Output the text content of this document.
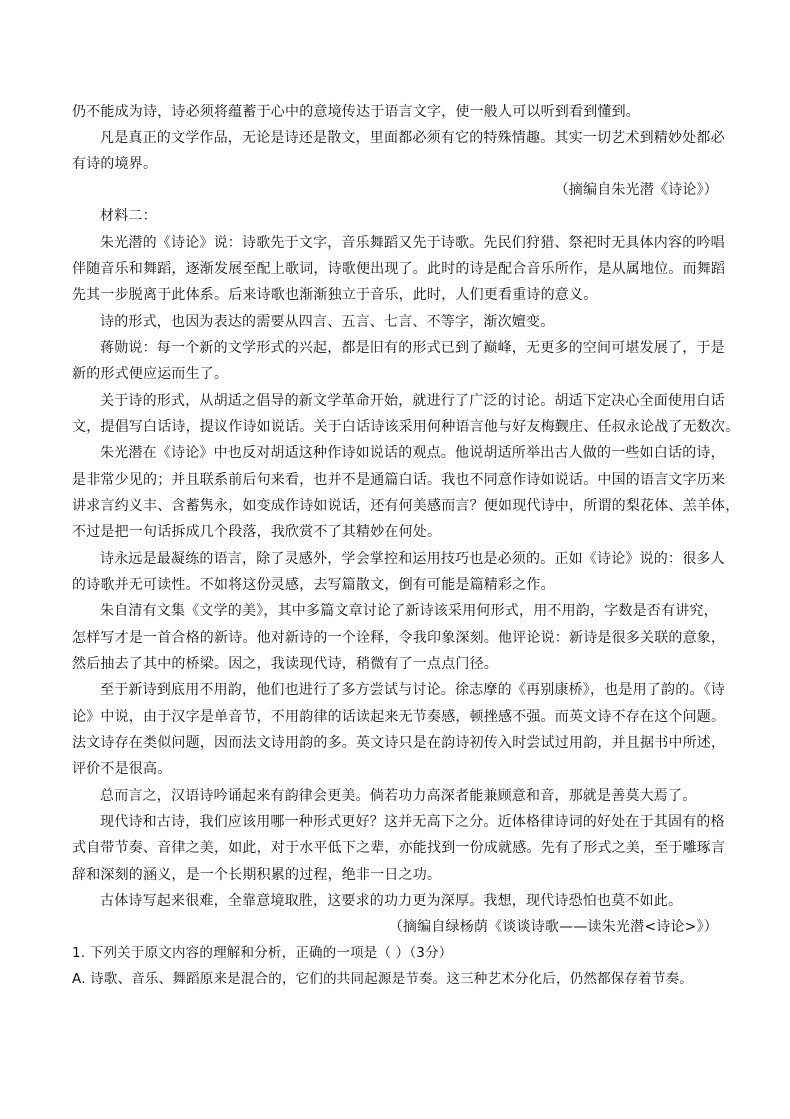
仍不能成为诗，诗必须将蕴蓄于心中的意境传达于语言文字，使一般人可以听到看到懂到。
凡是真正的文学作品，无论是诗还是散文，里面都必须有它的特殊情趣。其实一切艺术到精妙处都必
有诗的境界。
（摘编自朱光潜《诗论》）
材料二：
朱光潜的《诗论》说：诗歌先于文字，音乐舞蹈又先于诗歌。先民们狩猎、祭祀时无具体内容的吟唱
伴随音乐和舞蹈，逐渐发展至配上歌词，诗歌便出现了。此时的诗是配合音乐所作，是从属地位。而舞蹈
先其一步脱离于此体系。后来诗歌也渐渐独立于音乐，此时，人们更看重诗的意义。
诗的形式，也因为表达的需要从四言、五言、七言、不等字，渐次嬗变。
蒋勋说：每一个新的文学形式的兴起，都是旧有的形式已到了巅峰，无更多的空间可堪发展了，于是
新的形式便应运而生了。
关于诗的形式，从胡适之倡导的新文学革命开始，就进行了广泛的讨论。胡适下定决心全面使用白话
文，提倡写白话诗，提议作诗如说话。关于白话诗该采用何种语言他与好友梅觐庄、任叔永论战了无数次。
朱光潜在《诗论》中也反对胡适这种作诗如说话的观点。他说胡适所举出古人做的一些如白话的诗，
是非常少见的；并且联系前后句来看，也并不是通篇白话。我也不同意作诗如说话。中国的语言文字历来
讲求言约义丰、含蓄隽永，如变成作诗如说话，还有何美感而言？便如现代诗中，所谓的梨花体、羔羊体，
不过是把一句话拆成几个段落，我欣赏不了其精妙在何处。
诗永远是最凝练的语言，除了灵感外，学会掌控和运用技巧也是必须的。正如《诗论》说的：很多人
的诗歌并无可读性。不如将这份灵感，去写篇散文，倒有可能是篇精彩之作。
朱自清有文集《文学的美》，其中多篇文章讨论了新诗该采用何形式，用不用韵，字数是否有讲究，
怎样写才是一首合格的新诗。他对新诗的一个诠释，令我印象深刻。他评论说：新诗是很多关联的意象，
然后抽去了其中的桥梁。因之，我读现代诗，稍微有了一点点门径。
至于新诗到底用不用韵，他们也进行了多方尝试与讨论。徐志摩的《再别康桥》，也是用了韵的。《诗
论》中说，由于汉字是单音节，不用韵律的话读起来无节奏感，顿挫感不强。而英文诗不存在这个问题。
法文诗存在类似问题，因而法文诗用韵的多。英文诗只是在韵诗初传入时尝试过用韵，并且据书中所述，
评价不是很高。
总而言之，汉语诗吟诵起来有韵律会更美。倘若功力高深者能兼顾意和音，那就是善莫大焉了。
现代诗和古诗，我们应该用哪一种形式更好？这并无高下之分。近体格律诗词的好处在于其固有的格
式自带节奏、音律之美，如此，对于水平低下之辈，亦能找到一份成就感。先有了形式之美，至于雕琢言
辞和深刻的涵义，是一个长期积累的过程，绝非一日之功。
古体诗写起来很难，全靠意境取胜，这要求的功力更为深厚。我想，现代诗恐怕也莫不如此。
（摘编自绿杨荫《谈谈诗歌——读朱光潜<诗论>》）
1. 下列关于原文内容的理解和分析，正确的一项是（ ）（3分）
A. 诗歌、音乐、舞蹈原来是混合的，它们的共同起源是节奏。这三种艺术分化后，仍然都保存着节奏。
